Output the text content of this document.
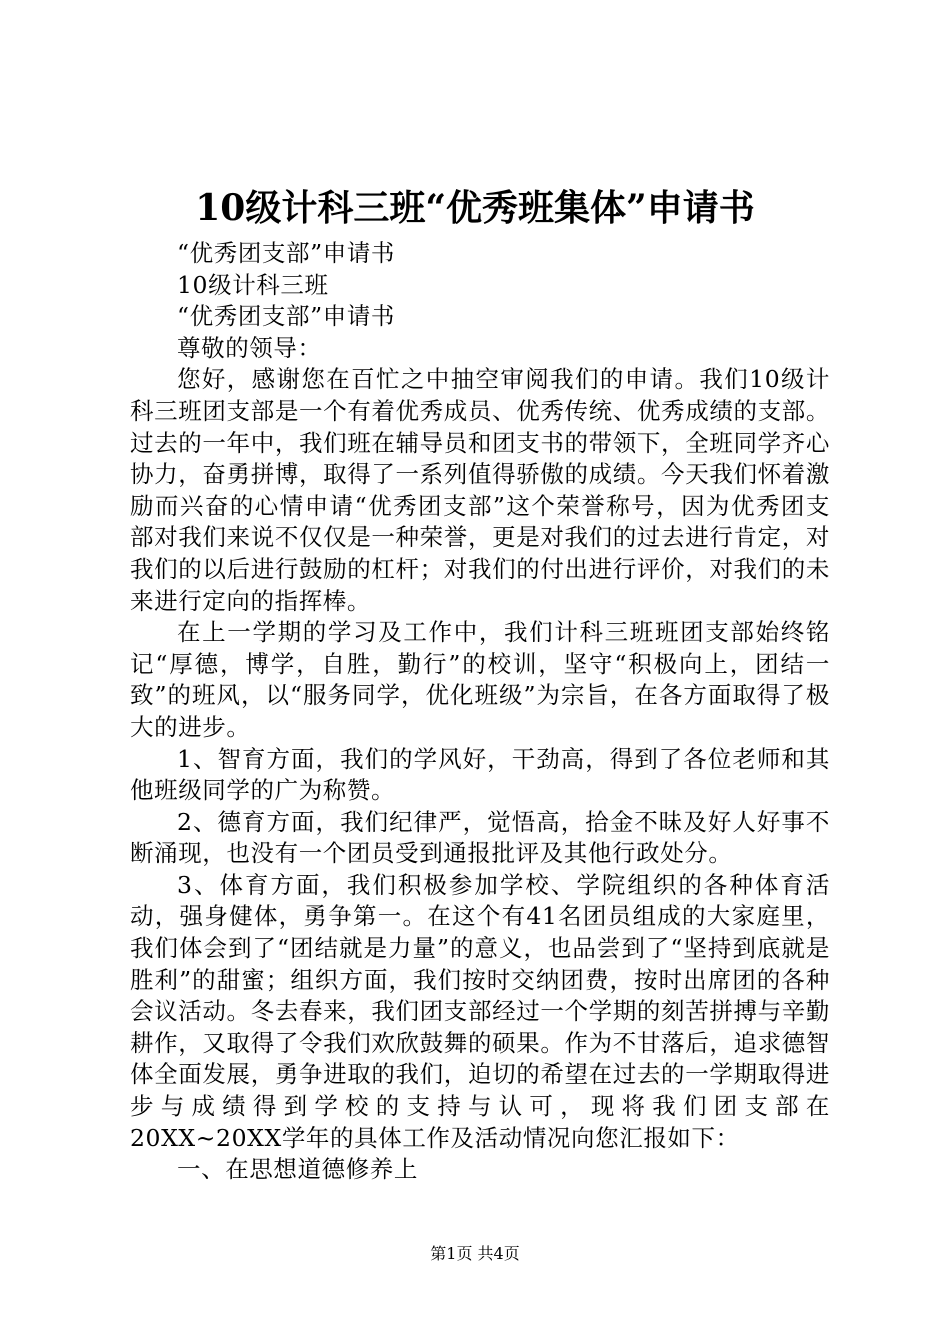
10级计科三班“优秀班集体”申请书

“优秀团支部”申请书

10级计科三班

“优秀团支部”申请书

尊敬的领导：

您好，感谢您在百忙之中抽空审阅我们的申请。我们10级计科三班团支部是一个有着优秀成员、优秀传统、优秀成绩的支部。过去的一年中，我们班在辅导员和团支书的带领下，全班同学齐心协力，奋勇拼博，取得了一系列值得骄傲的成绩。今天我们怀着激励而兴奋的心情申请“优秀团支部”这个荣誉称号，因为优秀团支部对我们来说不仅仅是一种荣誉，更是对我们的过去进行肯定，对我们的以后进行鼓励的杠杆；对我们的付出进行评价，对我们的未来进行定向的指挥棒。

在上一学期的学习及工作中，我们计科三班班团支部始终铭记“厚德，博学，自胜，勤行”的校训，坚守“积极向上，团结一致”的班风，以“服务同学，优化班级”为宗旨，在各方面取得了极大的进步。

1、智育方面，我们的学风好，干劲高，得到了各位老师和其他班级同学的广为称赞。

2、德育方面，我们纪律严，觉悟高，拾金不昧及好人好事不断涌现，也没有一个团员受到通报批评及其他行政处分。

3、体育方面，我们积极参加学校、学院组织的各种体育活动，强身健体，勇争第一。在这个有41名团员组成的大家庭里，我们体会到了“团结就是力量”的意义，也品尝到了“坚持到底就是胜利”的甜蜜；组织方面，我们按时交纳团费，按时出席团的各种会议活动。冬去春来，我们团支部经过一个学期的刻苦拼搏与辛勤耕作，又取得了令我们欢欣鼓舞的硕果。作为不甘落后，追求德智体全面发展，勇争进取的我们，迫切的希望在过去的一学期取得进步与成绩得到学校的支持与认可，现将我们团支部在20XX~20XX学年的具体工作及活动情况向您汇报如下：

一、在思想道德修养上

第1页 共4页
